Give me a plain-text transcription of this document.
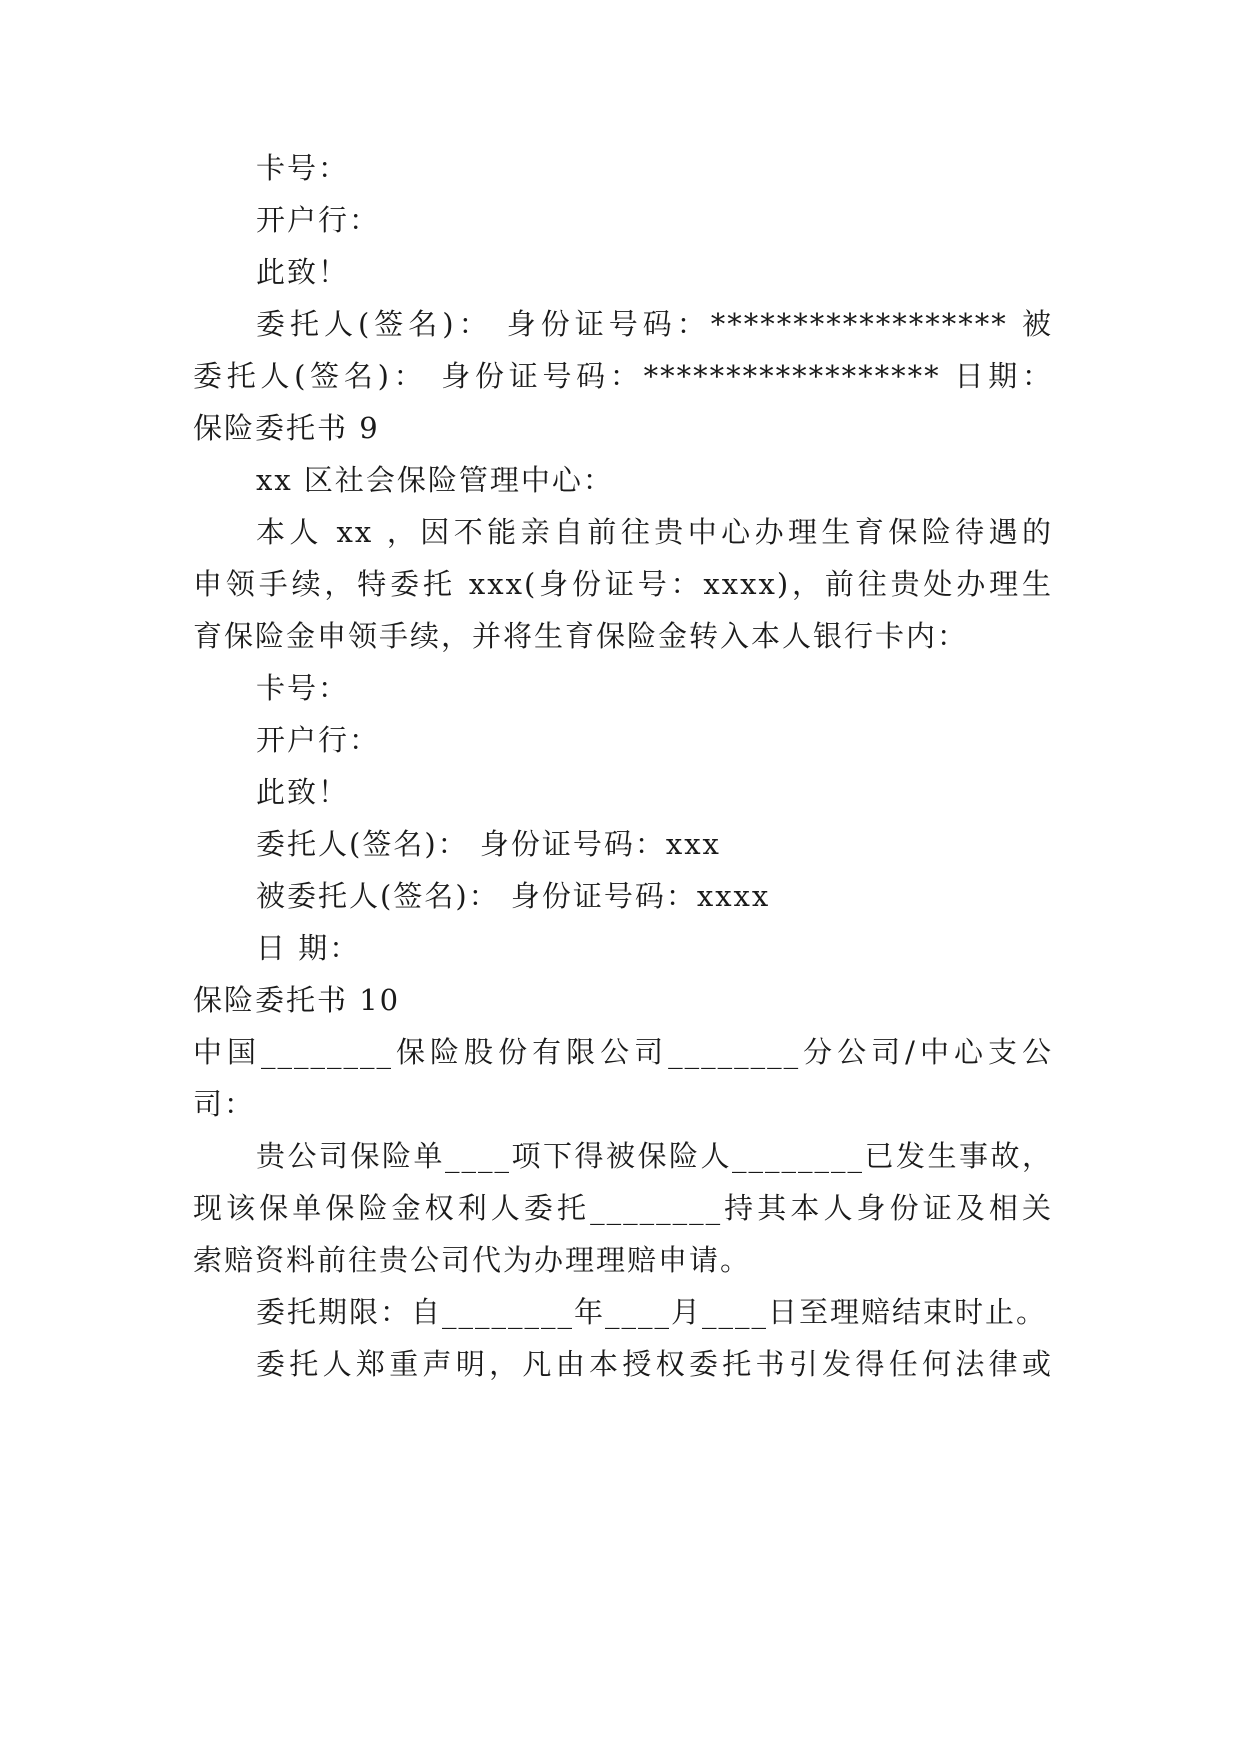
卡号：
开户行：
此致！
委托人(签名)： 身份证号码：****************** 被
委托人(签名)： 身份证号码：****************** 日期：
保险委托书 9
xx 区社会保险管理中心：
本人 xx ，因不能亲自前往贵中心办理生育保险待遇的
申领手续，特委托 xxx(身份证号：xxxx)，前往贵处办理生
育保险金申领手续，并将生育保险金转入本人银行卡内：
卡号：
开户行：
此致！
委托人(签名)： 身份证号码：xxx
被委托人(签名)： 身份证号码：xxxx
日 期：
保险委托书 10
中国________保险股份有限公司________分公司/中心支公
司：
贵公司保险单____项下得被保险人________已发生事故，
现该保单保险金权利人委托________持其本人身份证及相关
索赔资料前往贵公司代为办理理赔申请。
委托期限：自________年____月____日至理赔结束时止。
委托人郑重声明，凡由本授权委托书引发得任何法律或
